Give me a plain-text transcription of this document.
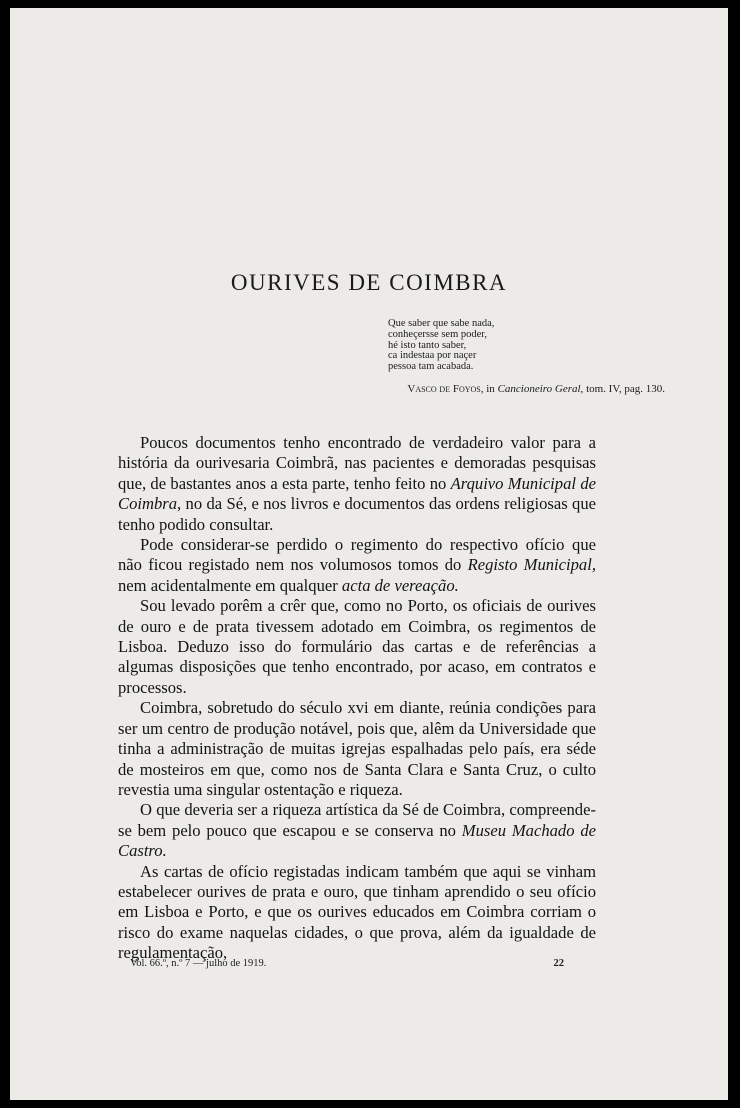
OURIVES DE COIMBRA
Que saber que sabe nada,
conheçersse sem poder,
hé isto tanto saber,
ca indestaa por naçer
pessoa tam acabada.
Vasco de Foyos, in Cancioneiro Geral, tom. IV, pag. 130.

Poucos documentos tenho encontrado de verdadeiro valor para a história da ourivesaria Coimbrã, nas pacientes e demoradas pesquisas que, de bastantes anos a esta parte, tenho feito no Arquivo Municipal de Coimbra, no da Sé, e nos livros e documentos das ordens religiosas que tenho podido consultar.

Pode considerar-se perdido o regimento do respectivo ofício que não ficou registado nem nos volumosos tomos do Registo Municipal, nem acidentalmente em qualquer acta de vereação.

Sou levado porêm a crêr que, como no Porto, os oficiais de ourives de ouro e de prata tivessem adotado em Coimbra, os regimentos de Lisboa. Deduzo isso do formulário das cartas e de referências a algumas disposições que tenho encontrado, por acaso, em contratos e processos.

Coimbra, sobretudo do século xvi em diante, reúnia condições para ser um centro de produção notável, pois que, alêm da Universidade que tinha a administração de muitas igrejas espalhadas pelo país, era séde de mosteiros em que, como nos de Santa Clara e Santa Cruz, o culto revestia uma singular ostentação e riqueza.

O que deveria ser a riqueza artística da Sé de Coimbra, compreende-se bem pelo pouco que escapou e se conserva no Museu Machado de Castro.

As cartas de ofício registadas indicam também que aqui se vinham estabelecer ourives de prata e ouro, que tinham aprendido o seu ofício em Lisboa e Porto, e que os ourives educados em Coimbra corriam o risco do exame naquelas cidades, o que prova, além da igualdade de regulamentação,

Vol. 66.º, n.º 7 — julho de 1919.	22
